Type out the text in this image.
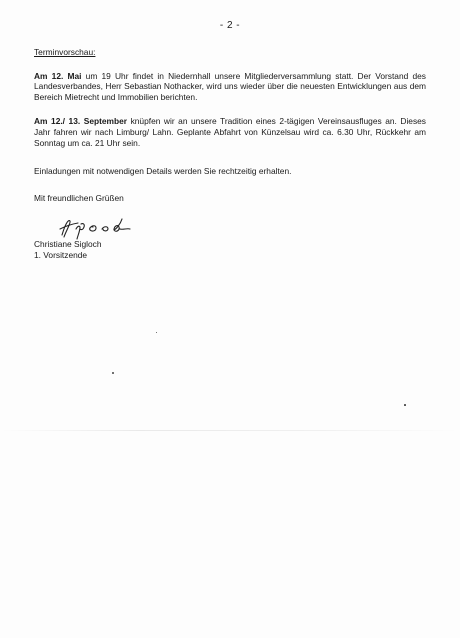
- 2 -

Terminvorschau:

Am 12. Mai um 19 Uhr findet in Niedernhall unsere Mitgliederversammlung statt. Der Vorstand des Landesverbandes, Herr Sebastian Nothacker, wird uns wieder über die neuesten Entwicklungen aus dem Bereich Mietrecht und Immobilien berichten.

Am 12./ 13. September knüpfen wir an unsere Tradition eines 2-tägigen Vereinsausfluges an. Dieses Jahr fahren wir nach Limburg/ Lahn. Geplante Abfahrt von Künzelsau wird ca. 6.30 Uhr, Rückkehr am Sonntag um ca. 21 Uhr sein.

Einladungen mit notwendigen Details werden Sie rechtzeitig erhalten.

Mit freundlichen Grüßen

Christiane Sigloch

1. Vorsitzende
